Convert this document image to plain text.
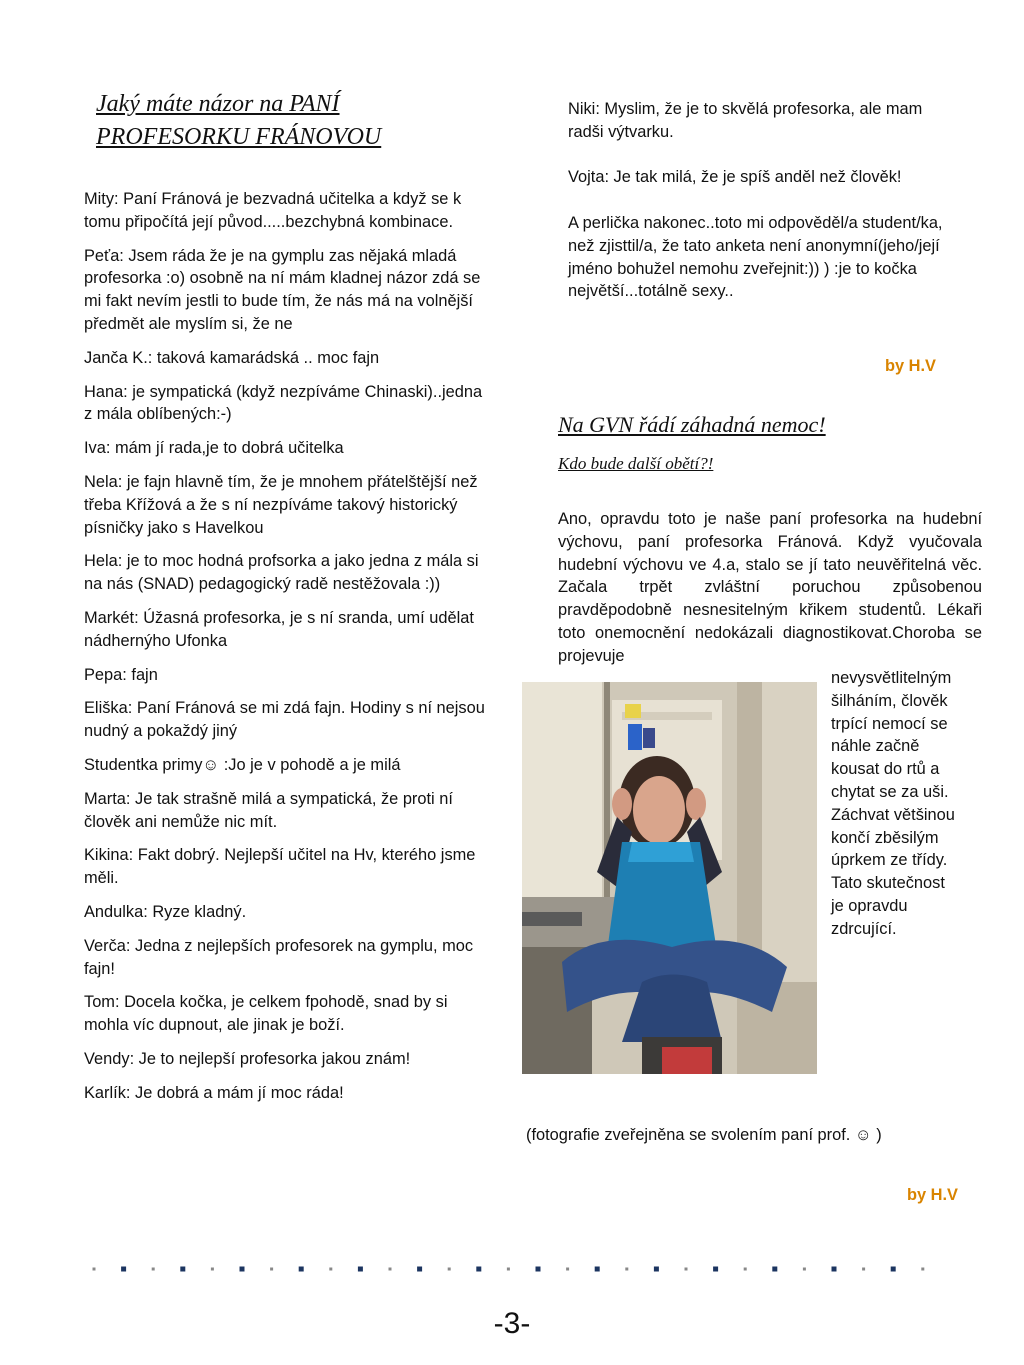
Jaký máte názor na PANÍ
PROFESORKU FRÁNOVOU

Mity: Paní Fránová je bezvadná učitelka a když se k tomu připočítá její původ.....bezchybná kombinace.

Peťa: Jsem ráda že je na gymplu zas nějaká mladá profesorka :o) osobně na ní mám kladnej názor zdá se mi fakt nevím jestli to bude tím, že nás má na volnější předmět ale myslím si, že ne

Janča K.: taková kamarádská .. moc fajn

Hana: je sympatická (když nezpíváme Chinaski)..jedna z mála oblíbených:-)

Iva: mám jí rada,je to dobrá učitelka

Nela: je fajn hlavně tím, že je mnohem přátelštější než třeba Křížová a že s ní nezpíváme takový historický písničky jako s Havelkou

Hela: je to moc hodná profsorka a jako jedna z mála si na nás (SNAD) pedagogický radě nestěžovala :))

Markét: Úžasná profesorka, je s ní sranda, umí udělat nádhernýho Ufonka

Pepa: fajn

Eliška: Paní Fránová se mi zdá fajn. Hodiny s ní nejsou nudný a pokaždý jiný

Studentka primy☺ :Jo je v pohodě a je milá

Marta: Je tak strašně milá a sympatická, že proti ní člověk ani nemůže nic mít.

Kikina: Fakt dobrý. Nejlepší učitel na Hv, kterého jsme měli.

Andulka: Ryze kladný.

Verča: Jedna z nejlepších profesorek na gymplu, moc fajn!

Tom: Docela kočka, je celkem fpohodě, snad by si mohla víc dupnout, ale jinak je boží.

Vendy: Je to nejlepší profesorka jakou znám!

Karlík: Je dobrá a mám jí moc ráda!

Niki: Myslim, že je to skvělá profesorka, ale mam radši výtvarku.

Vojta: Je tak milá, že je spíš anděl než člověk!

A perlička nakonec..toto mi odpověděl/a student/ka, než zjisttil/a, že tato anketa není anonymní(jeho/její jméno bohužel nemohu zveřejnit:)) ) :je to kočka největší...totálně sexy..

by H.V
Na GVN řádí záhadná nemoc!

Kdo bude další obětí?!

Ano, opravdu toto je naše paní profesorka na hudební výchovu, paní profesorka Fránová. Když vyučovala hudební výchovu ve 4.a, stalo se jí tato neuvěřitelná věc. Začala trpět zvláštní poruchou způsobenou pravděpodobně nesnesitelným křikem studentů. Lékaři toto onemocnění nedokázali diagnostikovat.Choroba se projevuje

nevysvětlitelným šilháním, člověk trpící nemocí se náhle začně kousat do rtů a chytat se za uši. Záchvat většinou končí zběsilým úprkem ze třídy. Tato skutečnost je opravdu zdrcující.

(fotografie zveřejněna se svolením paní prof. ☺ )

by H.V
-3-
